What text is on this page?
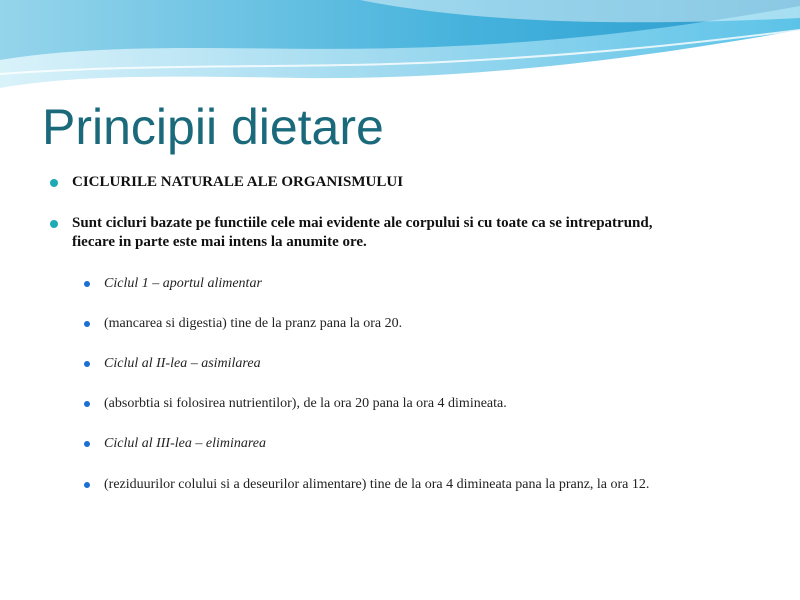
Principii dietare
CICLURILE NATURALE ALE ORGANISMULUI
Sunt cicluri bazate pe functiile cele mai evidente ale corpului si cu toate ca se intrepatrund, fiecare in parte este mai intens la anumite ore.
Ciclul 1 – aportul alimentar
(mancarea si digestia) tine de la pranz pana la ora 20.
Ciclul al II-lea – asimilarea
(absorbtia si folosirea nutrientilor), de la ora 20 pana la ora 4 dimineata.
Ciclul al III-lea – eliminarea
(reziduurilor colului si a deseurilor alimentare) tine de la ora 4 dimineata pana la pranz, la ora 12.
